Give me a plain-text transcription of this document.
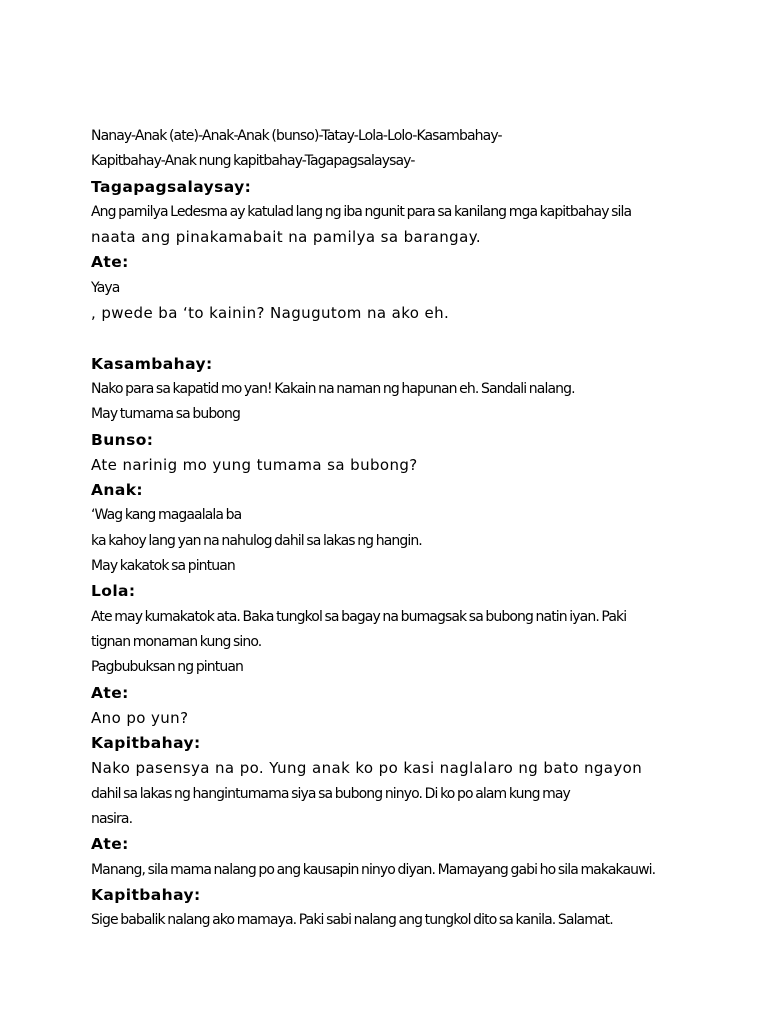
Nanay-Anak (ate)-Anak-Anak (bunso)-Tatay-Lola-Lolo-Kasambahay-
Kapitbahay-Anak nung kapitbahay-Tagapagsalaysay-
Tagapagsalaysay:
Ang pamilya Ledesma ay katulad lang ng iba ngunit para sa kanilang mga kapitbahay sila
naata ang pinakamabait na pamilya sa barangay.
Ate:
Yaya
, pwede ba ‘to kainin? Nagugutom na ako eh.
Kasambahay:
Nako para sa kapatid mo yan! Kakain na naman ng hapunan eh. Sandali nalang.
May tumama sa bubong
Bunso:
Ate narinig mo yung tumama sa bubong?
Anak:
‘Wag kang magaalala ba
ka kahoy lang yan na nahulog dahil sa lakas ng hangin.
May kakatok sa pintuan
Lola:
Ate may kumakatok ata. Baka tungkol sa bagay na bumagsak sa bubong natin iyan. Paki
tignan monaman kung sino.
Pagbubuksan ng pintuan
Ate:
Ano po yun?
Kapitbahay:
Nako pasensya na po. Yung anak ko po kasi naglalaro ng bato ngayon
dahil sa lakas ng hangintumama siya sa bubong ninyo. Di ko po alam kung may
nasira.
Ate:
Manang, sila mama nalang po ang kausapin ninyo diyan. Mamayang gabi ho sila makakauwi.
Kapitbahay:
Sige babalik nalang ako mamaya. Paki sabi nalang ang tungkol dito sa kanila. Salamat.
